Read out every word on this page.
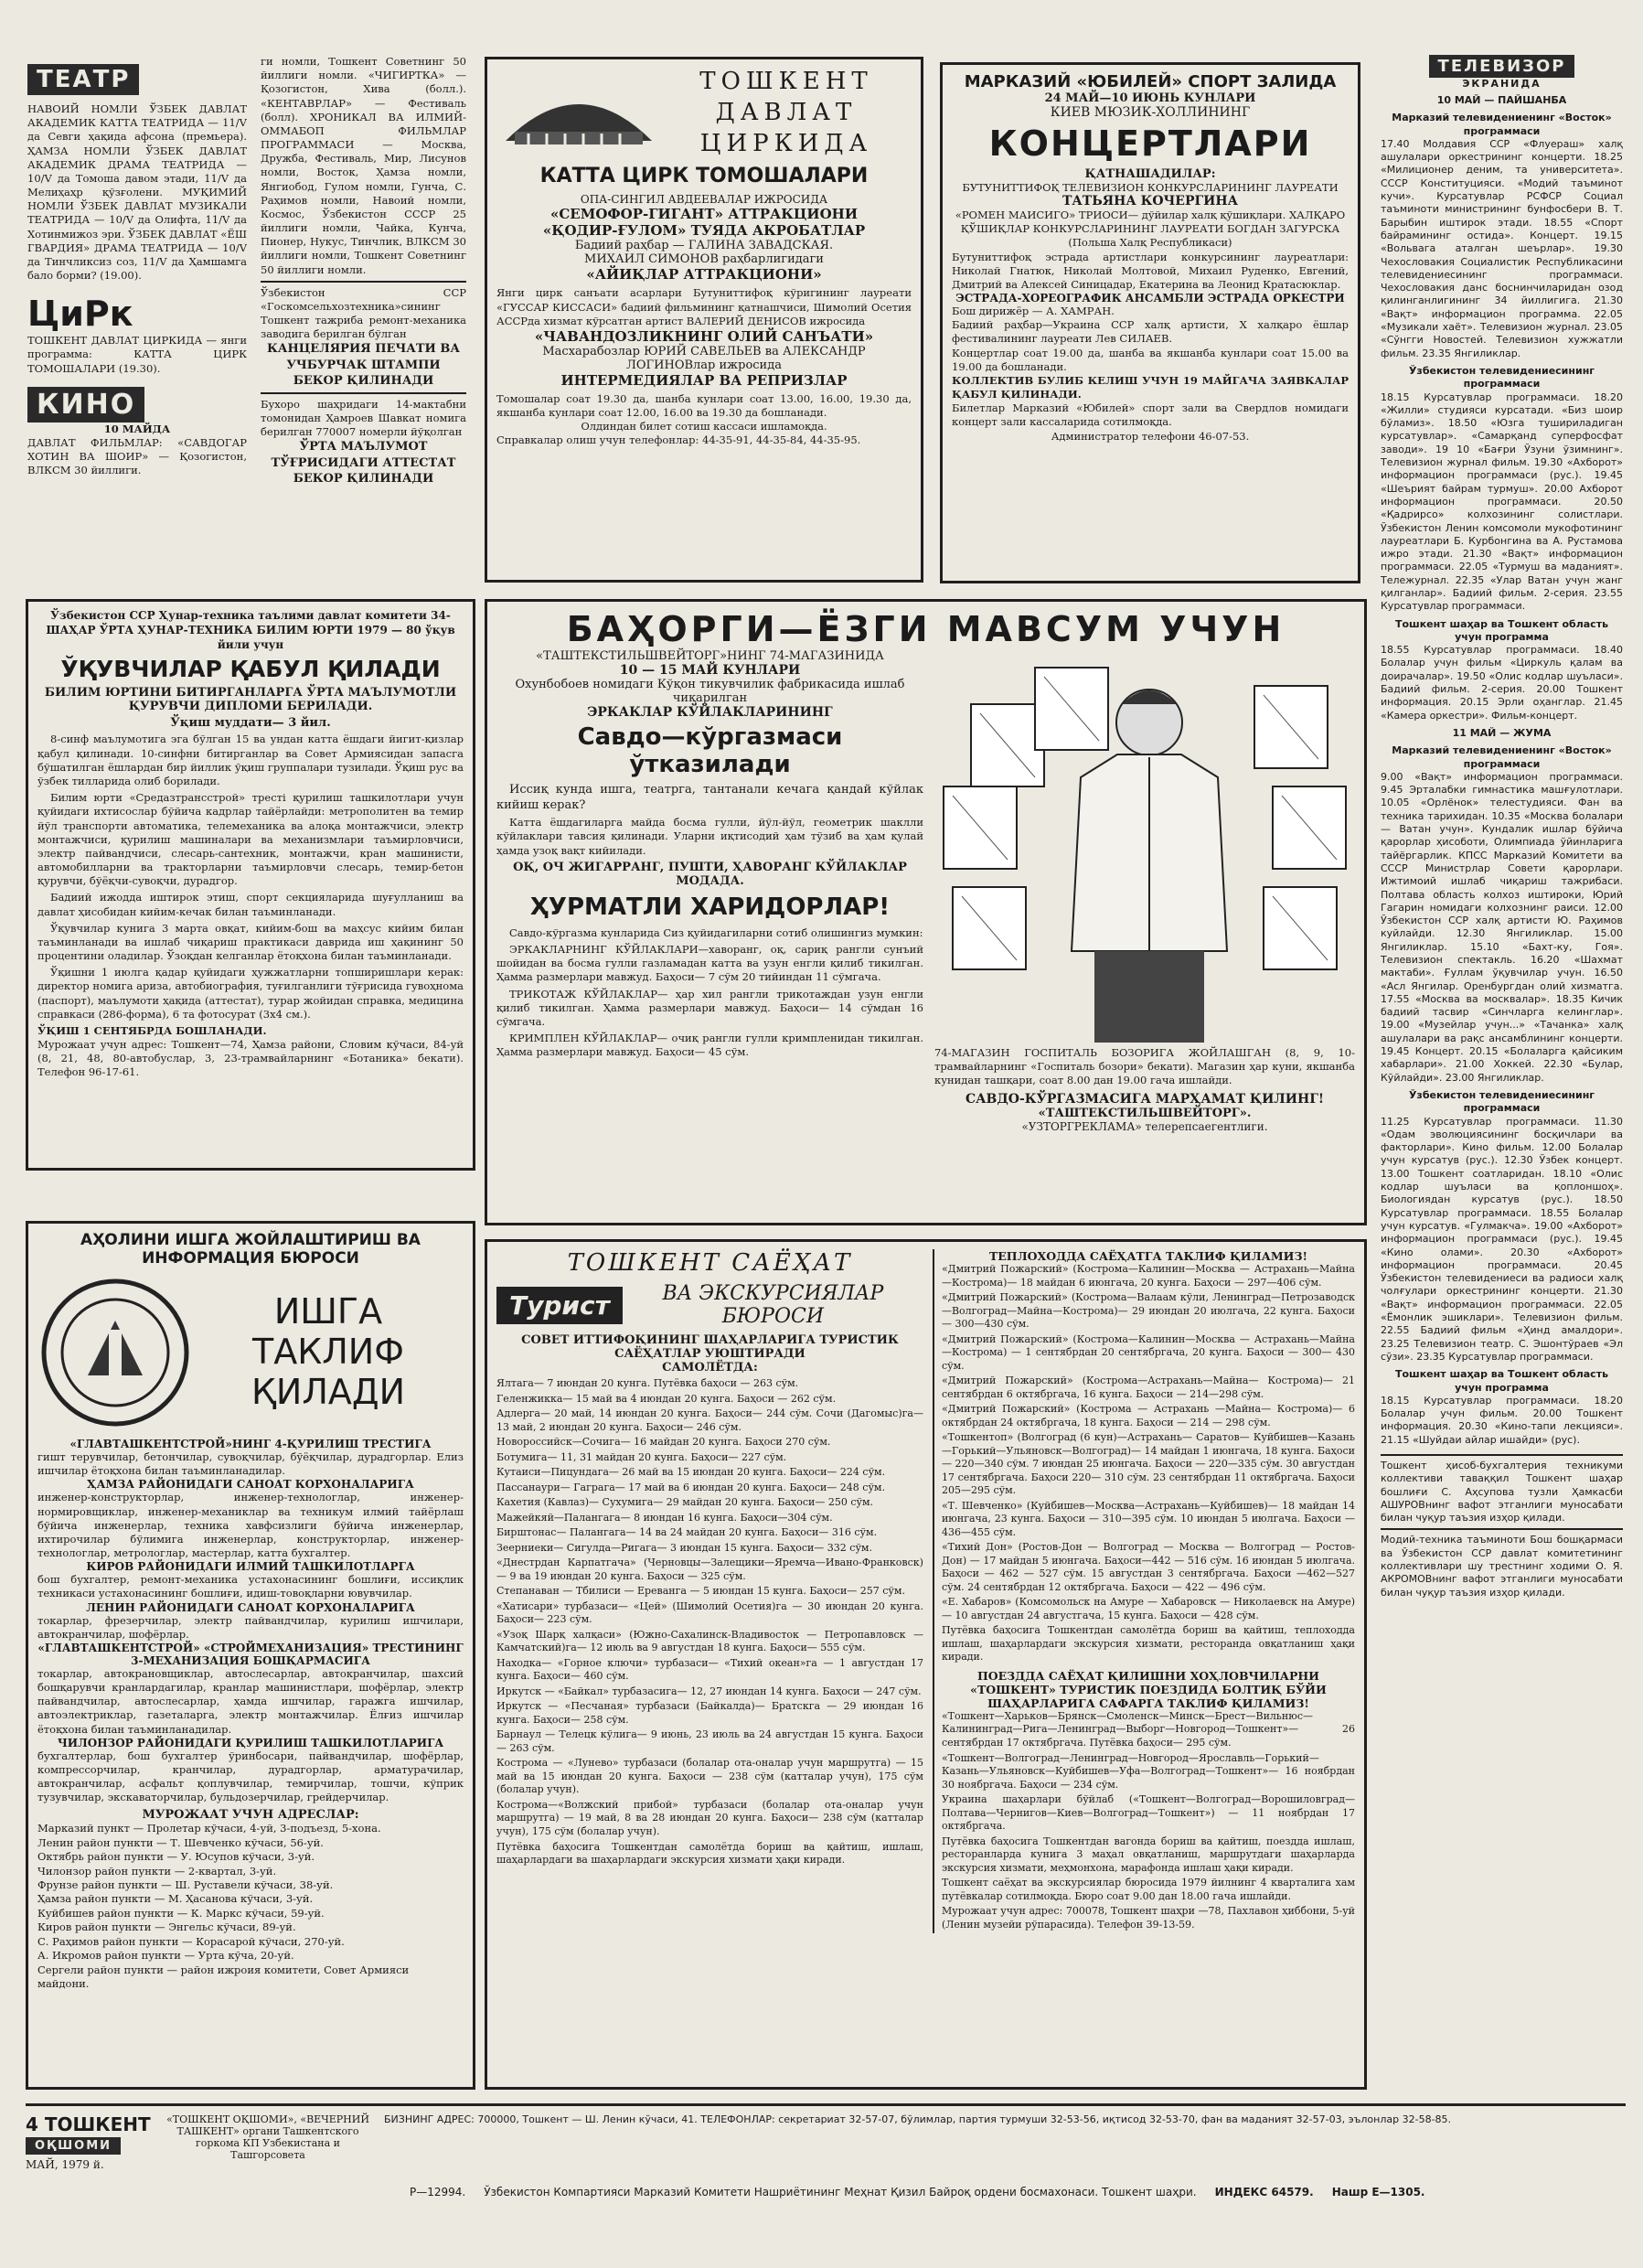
ТЕАТР
НАВОИЙ НОМЛИ ЎЗБЕК ДАВЛАТ АКАДЕМИК КАТТА ТЕАТРИДА — 11/V да Севги ҳақида афсона (премьера). ҲАМЗА НОМЛИ ЎЗБЕК ДАВЛАТ АКАДЕМИК ДРАМА ТЕАТРИДА — 10/V да Томоша давом этади, 11/V да Мелиҳаҳр қўзғолени. МУҚИМИЙ НОМЛИ ЎЗБЕК ДАВЛАТ МУЗИКАЛИ ТЕАТРИДА — 10/V да Олифта, 11/V да Хотинмижоз эри. ЎЗБЕК ДАВЛАТ «ЁШ ГВАРДИЯ» ДРАМА ТЕАТРИДА — 10/V да Тинчликсиз соз, 11/V да Ҳамшамга бало борми? (19.00).
ЦиРк
ТОШКЕНТ ДАВЛАТ ЦИРКИДА — янги программа: КАТТА ЦИРК ТОМОШАЛАРИ (19.30).
КИНО
10 МАЙДА
ДАВЛАТ ФИЛЬМЛАР: «САВДОГАР ХОТИН ВА ШОИР» — Қозогистон, ВЛКСМ 30 йиллиги.
ги номли, Тошкент Советнинг 50 йиллиги номли. «ЧИГИРТКА» — Қозогистон, Хива (болл.). «КЕНТАВРЛАР» — Фестиваль (болл). ХРОНИКАЛ ВА ИЛМИЙ-ОММАБОП ФИЛЬМЛАР ПРОГРАММАСИ — Москва, Дружба, Фестиваль, Мир, Лисунов номли, Восток, Ҳамза номли, Янгиобод, Гулом номли, Гунча, С. Раҳимов номли, Навоий номли, Космос, Ўзбекистон СССР 25 йиллиги номли, Чайка, Кунча, Пионер, Нукус, Тинчлик, ВЛКСМ 30 йиллиги номли, Тошкент Советнинг 50 йиллиги номли.
Ўзбекистон ССР «Госкомсельхозтехника»сининг Тошкент тажриба ремонт-механика заводига берилган бўлган
КАНЦЕЛЯРИЯ ПЕЧАТИ ВА УЧБУРЧАК ШТАМПИ БЕКОР ҚИЛИНАДИ
Бухоро шаҳридаги 14-мактабни томонидан Ҳамроев Шавкат номига берилган 770007 номерли йўқолган
ЎРТА МАЪЛУМОТ ТЎҒРИСИДАГИ АТТЕСТАТ БЕКОР ҚИЛИНАДИ
ТОШКЕНТ ДАВЛАТ ЦИРКИДА
КАТТА ЦИРК ТОМОШАЛАРИ
ОПА-СИНГИЛ АВДЕЕВАЛАР ИЖРОСИДА
«СЕМОФОР-ГИГАНТ» АТТРАКЦИОНИ
«ҚОДИР-ҒУЛОМ» ТУЯДА АКРОБАТЛАР
Бадиий раҳбар — ГАЛИНА ЗАВАДСКАЯ.
МИХАИЛ СИМОНОВ раҳбарлигидаги
«АЙИҚЛАР АТТРАКЦИОНИ»
Янги цирк санъати асарлари Бутуниттифоқ кўригининг лауреати «ГУССАР КИССАСИ» бадиий фильмининг қатнашчиси, Шимолий Осетия АССРда хизмат кўрсатган артист ВАЛЕРИЙ ДЕНИСОВ ижросида
«ЧАВАНДОЗЛИКНИНГ ОЛИЙ САНЪАТИ»
Масхарабозлар ЮРИЙ САВЕЛЬЕВ ва АЛЕКСАНДР ЛОГИНОВлар ижросида
ИНТЕРМЕДИЯЛАР ВА РЕПРИЗЛАР
Томошалар соат 19.30 да, шанба кунлари соат 13.00, 16.00, 19.30 да, якшанба кунлари соат 12.00, 16.00 ва 19.30 да бошланади.
Олдиндан билет сотиш кассаси ишламоқда.
Справкалар олиш учун телефонлар: 44-35-91, 44-35-84, 44-35-95.
МАРКАЗИЙ «ЮБИЛЕЙ» СПОРТ ЗАЛИДА
24 МАЙ—10 ИЮНЬ КУНЛАРИ
КИЕВ МЮЗИК-ХОЛЛИНИНГ
КОНЦЕРТЛАРИ
ҚАТНАШАДИЛАР:
БУТУНИТТИФОҚ ТЕЛЕВИЗИОН КОНКУРСЛАРИНИНГ ЛАУРЕАТИ
ТАТЬЯНА КОЧЕРГИНА
«РОМЕН МАИСИГО» ТРИОСИ— дўйилар халқ қўшиқлари. ХАЛҚАРО ҚЎШИҚЛАР КОНКУРСЛАРИНИНГ ЛАУРЕАТИ БОГДАН ЗАГУРСКА (Польша Халқ Республикаси)
Бутуниттифоқ эстрада артистлари конкурсининг лауреатлари: Николай Гнатюк, Николай Молтовой, Михаил Руденко, Евгений, Дмитрий ва Алексей Синицадар, Екатерина ва Леонид Кратасюклар.
ЭСТРАДА-ХОРЕОГРАФИК АНСАМБЛИ ЭСТРАДА ОРКЕСТРИ
Бош дирижёр — А. ХАМРАН.
Бадиий раҳбар—Украина ССР халқ артисти, Х халқаро ёшлар фестивалининг лауреати Лев СИЛАЕВ.
Концертлар соат 19.00 да, шанба ва якшанба кунлари соат 15.00 ва 19.00 да бошланади.
КОЛЛЕКТИВ БУЛИБ КЕЛИШ УЧУН 19 МАЙГАЧА ЗАЯВКАЛАР ҚАБУЛ ҚИЛИНАДИ.
Билетлар Марказий «Юбилей» спорт зали ва Свердлов номидаги концерт зали кассаларида сотилмоқда.
Администратор телефони 46-07-53.
ТЕЛЕВИЗОР
ЭКРАНИДА
10 МАЙ — ПАЙШАНБА
Марказий телевидениенинг «Восток» программаси
17.40 Молдавия ССР «Флуераш» халқ ашулалари оркестрининг концерти. 18.25 «Милиционер деним, та университета». СССР Конституцияси. «Модий таъминот кучи». Курсатувлар РСФСР Социал таъминоти министрининг бунфосбери В. Т. Барыбин иштирок этади. 18.55 «Спорт байрамининг остида». Концерт. 19.15 «Вольвага аталган шеърлар». 19.30 Чехословакия Социалистик Республикасини телевидениесининг программаси. Чехословакия данс боснинчиларидан озод қилинганлигининг 34 йиллигига. 21.30 «Вақт» информацион программа. 22.05 «Музикали хаёт». Телевизион журнал. 23.05 «Сўнгги Новостей. Телевизион хужжатли фильм. 23.35 Янгиликлар.
Ўзбекистон телевидениесининг программаси
18.15 Курсатувлар программаси. 18.20 «Жилли» студияси курсатади. «Биз шоир бўламиз». 18.50 «Юзга тушириладиган курсатувлар». «Самарқанд суперфосфат заводи». 19 10 «Бағри Ўзуни ўзимнинг». Телевизион журнал фильм. 19.30 «Ахборот» информацион программаси (рус.). 19.45 «Шеърият байрам турмуш». 20.00 Ахборот информацион программаси. 20.50 «Қадрирсо» колхозининг солистлари. Ўзбекистон Ленин комсомоли мукофотининг лауреатлари Б. Курбонгина ва А. Рустамова ижро этади. 21.30 «Вақт» информацион программаси. 22.05 «Турмуш ва маданият». Тележурнал. 22.35 «Улар Ватан учун жанг қилганлар». Бадиий фильм. 2-серия. 23.55 Курсатувлар программаси.
Тошкент шаҳар ва Тошкент область учун программа
18.55 Курсатувлар программаси. 18.40 Болалар учун фильм «Циркуль қалам ва доирачалар». 19.50 «Олис кодлар шуъласи». Бадиий фильм. 2-серия. 20.00 Тошкент информация. 20.15 Эрли оҳанглар. 21.45 «Камера оркестри». Фильм-концерт.
11 МАЙ — ЖУМА
Марказий телевидениенинг «Восток» программаси
9.00 «Вақт» информацион программаси. 9.45 Эрталабки гимнастика машғулотлари. 10.05 «Орлёнок» телестудияси. Фан ва техника тарихидан. 10.35 «Москва болалари — Ватан учун». Кундалик ишлар бўйича қарорлар ҳисоботи, Олимпиада ўйинларига тайёргарлик. КПСС Марказий Комитети ва СССР Министрлар Совети қарорлари. Ижтимоий ишлаб чиқариш тажрибаси. Полтава область колхоз иштироки, Юрий Гагарин номидаги колхознинг раиси. 12.00 Ўзбекистон ССР халқ артисти Ю. Раҳимов куйлайди. 12.30 Янгиликлар. 15.00 Янгиликлар. 15.10 «Бахт-ку, Гоя». Телевизион спектакль. 16.20 «Шахмат мактаби». Ғуллам ўқувчилар учун. 16.50 «Асл Янгилар. Оренбургдан олий хизматга. 17.55 «Москва ва москвалар». 18.35 Кичик бадиий тасвир «Синчларга келинглар». 19.00 «Музейлар учун...» «Тачанка» халқ ашулалари ва рақс ансамблининг концерти. 19.45 Концерт. 20.15 «Болаларга қайсиким хабарлари». 21.00 Хоккей. 22.30 «Булар, Кўйлайди». 23.00 Янгиликлар.
Ўзбекистон телевидениесининг программаси
11.25 Курсатувлар программаси. 11.30 «Одам эволюциясининг босқичлари ва факторлари». Кино фильм. 12.00 Болалар учун курсатув (рус.). 12.30 Ўзбек концерт. 13.00 Тошкент соатларидан. 18.10 «Олис кодлар шуъласи ва қоплоншоҳ». Биологиядан курсатув (рус.). 18.50 Курсатувлар программаси. 18.55 Болалар учун курсатув. «Гулмакча». 19.00 «Ахборот» информацион программаси (рус.). 19.45 «Кино олами». 20.30 «Ахборот» информацион программаси. 20.45 Ўзбекистон телевидениеси ва радиоси халқ чолғулари оркестрининг концерти. 21.30 «Вақт» информацион программаси. 22.05 «Ёмонлик эшиклари». Телевизион фильм. 22.55 Бадиий фильм «Ҳинд амалдори». 23.25 Телевизион театр. С. Эшонтўраев «Эл сўзи». 23.35 Курсатувлар программаси.
Тошкент шаҳар ва Тошкент область учун программа
18.15 Курсатувлар программаси. 18.20 Болалар учун фильм. 20.00 Тошкент информация. 20.30 «Кино-тапи лекцияси». 21.15 «Шуйдаи айлар ишайди» (рус).
Тошкент ҳисоб-бухгалтерия техникуми коллективи таваққил Тошкент шаҳар бошлиғи С. Аҳсупова тузли Ҳамкасби АШУРОВнинг вафот этганлиги муносабати билан чуқур таъзия изҳор қилади.
Модий-техника таъминоти Бош бошқармаси ва Ўзбекистон ССР давлат комитетининг коллективлари шу трестнинг ходими О. Я. АКРОМОВнинг вафот этганлиги муносабати билан чуқур таъзия изҳор қилади.
Ўзбекистон ССР Ҳунар-техника таълими давлат комитети 34-ШАҲАР ЎРТА ҲУНАР-ТЕХНИКА БИЛИМ ЮРТИ 1979 — 80 ўқув йили учун
ЎҚУВЧИЛАР ҚАБУЛ ҚИЛАДИ
БИЛИМ ЮРТИНИ БИТИРГАНЛАРГА ЎРТА МАЪЛУМОТЛИ ҚУРУВЧИ ДИПЛОМИ БЕРИЛАДИ.
Ўқиш муддати— 3 йил.

8-синф маълумотига эга бўлган 15 ва ундан катта ёшдаги йигит-қизлар қабул қилинади. 10-синфни битирганлар ва Совет Армиясидан запасга бўшатилган ёшлардан бир йиллик ўқиш группалари тузилади. Ўқиш рус ва ўзбек тилларида олиб борилади.

Билим юрти «Средазтрансстрой» тресті қурилиш ташкилотлари учун қуйидаги ихтисослар бўйича кадрлар тайёрлайди: метрополитен ва темир йўл транспорти автоматика, телемеханика ва алоқа монтажчиси, электр монтажчиси, қурилиш машиналари ва механизмлари таъмирловчиси, электр пайвандчиси, слесарь-сантехник, монтажчи, кран машинисти, автомобилларни ва тракторларни таъмирловчи слесарь, темир-бетон қурувчи, бўёқчи-сувоқчи, дурадгор.

Бадиий ижодда иштирок этиш, спорт секцияларида шуғулланиш ва давлат ҳисобидан кийим-кечак билан таъминланади.

Ўқувчилар кунига 3 марта овқат, кийим-бош ва маҳсус кийим билан таъминланади ва ишлаб чиқариш практикаси даврида иш ҳақининг 50 процентини оладилар. Ўзоқдан келганлар ётоқхона билан таъминланади.

Ўқишни 1 июлга қадар қуйидаги ҳужжатларни топширишлари керак: директор номига ариза, автобиография, туғилганлиги тўғрисида гувоҳнома (паспорт), маълумоти ҳақида (аттестат), турар жойидан справка, медицина справкаси (286-форма), 6 та фотосурат (3х4 см.).

ЎҚИШ 1 СЕНТЯБРДА БОШЛАНАДИ.
Мурожаат учун адрес: Тошкент—74, Ҳамза райони, Словим кўчаси, 84-уй (8, 21, 48, 80-автобуслар, 3, 23-трамвайларнинг «Ботаника» бекати). Телефон 96-17-61.
БАҲОРГИ—ЁЗГИ МАВСУМ УЧУН
«ТАШТЕКСТИЛЬШВЕЙТОРГ»НИНГ 74-МАГАЗИНИДА
10 — 15 МАЙ КУНЛАРИ
Охунбобоев номидаги Кўқон тикувчилик фабрикасида ишлаб чиқарилган
ЭРКАКЛАР КЎЙЛАКЛАРИНИНГ
Савдо—кўргазмаси ўтказилади

Иссиқ кунда ишга, театрга, тантанали кечага қандай кўйлак кийиш керак?

Катта ёшдагиларга майда босма гулли, йўл-йўл, геометрик шаклли кўйлаклари тавсия қилинади. Уларни иқтисодий ҳам тўзиб ва ҳам қулай ҳамда узоқ вақт кийилади.

ОҚ, ОЧ ЖИГАРРАНГ, ПУШТИ, ҲАВОРАНГ КЎЙЛАКЛАР МОДАДА.
ҲУРМАТЛИ ХАРИДОРЛАР!

Савдо-кўргазма кунларида Сиз қуйидагиларни сотиб олишингиз мумкин:

ЭРКАКЛАРНИНГ КЎЙЛАКЛАРИ—хаворанг, оқ, сариқ рангли сунъий шойидан ва босма гулли газламадан катта ва узун енгли қилиб тикилган. Ҳамма размерлари мавжуд. Баҳоси— 7 сўм 20 тийиндан 11 сўмгача.

ТРИКОТАЖ КЎЙЛАКЛАР— ҳар хил рангли трикотаждан узун енгли қилиб тикилган. Ҳамма размерлари мавжуд. Баҳоси— 14 сўмдан 16 сўмгача.

КРИМПЛЕН КЎЙЛАКЛАР— очиқ рангли гулли кримпленидан тикилган. Ҳамма размерлари мавжуд. Баҳоси— 45 сўм.	74-МАГАЗИН ГОСПИТАЛЬ БОЗОРИГА ЖОЙЛАШГАН (8, 9, 10-трамвайларнинг «Госпиталь бозори» бекати). Магазин ҳар куни, якшанба кунидан ташқари, соат 8.00 дан 19.00 гача ишлайди.
САВДО-КЎРГАЗМАСИГА МАРҲАМАТ ҚИЛИНГ!
«ТАШТЕКСТИЛЬШВЕЙТОРГ».
«УЗТОРГРЕКЛАМА» телерепсаегентлиги.
АҲОЛИНИ ИШГА ЖОЙЛАШТИРИШ ВА ИНФОРМАЦИЯ БЮРОСИ
ИШГА
ТАКЛИФ
ҚИЛАДИ
«ГЛАВТАШКЕНТСТРОЙ»НИНГ 4-ҚУРИЛИШ ТРЕСТИГА
гишт терувчилар, бетончилар, сувоқчилар, бўёқчилар, дурадгорлар. Елиз ишчилар ётоқхона билан таъминланадилар.
ҲАМЗА РАЙОНИДАГИ САНОАТ КОРХОНАЛАРИГА
инженер-конструкторлар, инженер-технологлар, инженер-нормировщиклар, инженер-механиклар ва техникум илмий тайёрлаш бўйича инженерлар, техника хавфсизлиги бўйича инженерлар, ихтирочилар бўлимига инженерлар, конструкторлар, инженер-технологлар, метрологлар, мастерлар, катта бухгалтер.
КИРОВ РАЙОНИДАГИ ИЛМИЙ ТАШКИЛОТЛАРГА
бош бухгалтер, ремонт-механика устахонасининг бошлиғи, иссиқлик техникаси устахонасининг бошлиғи, идиш-товоқларни ювувчилар.
ЛЕНИН РАЙОНИДАГИ САНОАТ КОРХОНАЛАРИГА
токарлар, фрезерчилар, электр пайвандчилар, курилиш ишчилари, автокранчилар, шофёрлар.
«ГЛАВТАШКЕНТСТРОЙ» «СТРОЙМЕХАНИЗАЦИЯ» ТРЕСТИНИНГ 3-МЕХАНИЗАЦИЯ БОШҚАРМАСИГА
токарлар, автокрановщиклар, автослесарлар, автокранчилар, шахсий бошқарувчи кранлардагилар, кранлар машинистлари, шофёрлар, электр пайвандчилар, автослесарлар, ҳамда ишчилар, гаражга ишчилар, автоэлектриклар, газеталарга, электр монтажчилар. Ёлғиз ишчилар ётоқхона билан таъминланадилар.
ЧИЛОНЗОР РАЙОНИДАГИ ҚУРИЛИШ ТАШКИЛОТЛАРИГА
бухгалтерлар, бош бухгалтер ўринбосари, пайвандчилар, шофёрлар, компрессорчилар, кранчилар, дурадгорлар, арматурачилар, автокранчилар, асфальт қоплувчилар, темирчилар, тошчи, кўприк тузувчилар, экскаваторчилар, бульдозерчилар, грейдерчилар.
МУРОЖААТ УЧУН АДРЕСЛАР:
Марказий пункт — Пролетар кўчаси, 4-уй, 3-подъезд, 5-хона.
Ленин район пункти — Т. Шевченко кўчаси, 56-уй.
Октябрь район пункти — У. Юсупов кўчаси, 3-уй.
Чилонзор район пункти — 2-квартал, 3-уй.
Фрунзе район пункти — Ш. Руставели кўчаси, 38-уй.
Ҳамза район пункти — М. Ҳасанова кўчаси, 3-уй.
Куйбишев район пункти — К. Маркс кўчаси, 59-уй.
Киров район пункти — Энгельс кўчаси, 89-уй.
С. Раҳимов район пункти — Корасарой кўчаси, 270-уй.
А. Икромов район пункти — Урта кўча, 20-уй.
Сергели район пункти — район ижроия комитети, Совет Армияси майдони.
ТОШКЕНТ САЁҲАТ
Турист	ВА ЭКСКУРСИЯЛАР БЮРОСИ
СОВЕТ ИТТИФОҚИНИНГ ШАҲАРЛАРИГА ТУРИСТИК САЁҲАТЛАР УЮШТИРАДИ
САМОЛЁТДА:
Ялтага— 7 июндан 20 кунга. Путёвка баҳоси — 263 сўм.
Геленжикка— 15 май ва 4 июндан 20 кунга. Баҳоси — 262 сўм.
Адлерга— 20 май, 14 июндан 20 кунга. Баҳоси— 244 сўм. Сочи (Дагомыс)га— 13 май, 2 июндан 20 кунга. Баҳоси— 246 сўм.
Новороссийск—Сочига— 16 майдан 20 кунга. Баҳоси 270 сўм.
Ботумига— 11, 31 майдан 20 кунга. Баҳоси— 227 сўм.
Кутаиси—Пицундага— 26 май ва 15 июндан 20 кунга. Баҳоси— 224 сўм.
Пассанаури— Гаграга— 17 май ва 6 июндан 20 кунга. Баҳоси— 248 сўм.
Кахетия (Кавлаз)— Сухумига— 29 майдан 20 кунга. Баҳоси— 250 сўм.
Мажейкяй—Палангага— 8 июндан 16 кунга. Баҳоси—304 сўм.
Бирштонас— Палангага— 14 ва 24 майдан 20 кунга. Баҳоси— 316 сўм.
Зеерниеки— Сигулда—Ригага— 3 июндан 15 кунга. Баҳоси— 332 сўм.
«Днестрдан Карпатгача» (Черновцы—Залещики—Яремча—Ивано-Франковск)— 9 ва 19 июндан 20 кунга. Баҳоси — 325 сўм.
Степанаван — Тбилиси — Ереванга — 5 июндан 15 кунга. Баҳоси— 257 сўм.
«Хатисари» турбазаси— «Цей» (Шимолий Осетия)га — 30 июндан 20 кунга. Баҳоси— 223 сўм.
«Узоқ Шарқ халқаси» (Южно-Сахалинск-Владивосток — Петропавловск — Камчатский)га— 12 июль ва 9 августдан 18 кунга. Баҳоси— 555 сўм.
Находка— «Горное ключи» турбазаси— «Тихий океан»га — 1 августдан 17 кунга. Баҳоси— 460 сўм.
Иркутск — «Байкал» турбазасига— 12, 27 июндан 14 кунга. Баҳоси — 247 сўм.
Иркутск — «Песчаная» турбазаси (Байкалда)— Братскга — 29 июндан 16 кунга. Баҳоси— 258 сўм.
Барнаул — Телецк кўлига— 9 июнь, 23 июль ва 24 августдан 15 кунга. Баҳоси— 263 сўм.
Кострома — «Лунево» турбазаси (болалар ота-оналар учун маршрутга) — 15 май ва 15 июндан 20 кунга. Баҳоси — 238 сўм (катталар учун), 175 сўм (болалар учун).
Кострома—«Волжский прибой» турбазаси (болалар ота-оналар учун маршрутга) — 19 май, 8 ва 28 июндан 20 кунга. Баҳоси— 238 сўм (катталар учун), 175 сўм (болалар учун).
Путёвка баҳосига Тошкентдан самолётда бориш ва қайтиш, ишлаш, шаҳарлардаги ва шаҳарлардаги экскурсия хизмати ҳақи киради.
ТЕПЛОХОДДА САЁҲАТГА ТАКЛИФ ҚИЛАМИЗ!
«Дмитрий Пожарский» (Кострома—Калинин—Москва — Астрахань—Майна—Кострома)— 18 майдан 6 июнгача, 20 кунга. Баҳоси — 297—406 сўм.
«Дмитрий Пожарский» (Кострома—Валаам кўли, Ленинград—Петрозаводск—Волгоград—Майна—Кострома)— 29 июндан 20 июлгача, 22 кунга. Баҳоси — 300—430 сўм.
«Дмитрий Пожарский» (Кострома—Калинин—Москва — Астрахань—Майна—Кострома) — 1 сентябрдан 20 сентябргача, 20 кунга. Баҳоси — 300— 430 сўм.
«Дмитрий Пожарский» (Кострома—Астрахань—Майна— Кострома)— 21 сентябрдан 6 октябргача, 16 кунга. Баҳоси — 214—298 сўм.
«Дмитрий Пожарский» (Кострома — Астрахань —Майна— Кострома)— 6 октябрдан 24 октябргача, 18 кунга. Баҳоси — 214 — 298 сўм.
«Тошкентоп» (Волгоград (6 кун)—Астрахань— Саратов— Куйбишев—Казань—Горький—Ульяновск—Волгоград)— 14 майдан 1 июнгача, 18 кунга. Баҳоси — 220—340 сўм. 7 июндан 25 июнгача. Баҳоси — 220—335 сўм. 30 августдан 17 сентябргача. Баҳоси 220— 310 сўм. 23 сентябрдан 11 октябргача. Баҳоси 205—295 сўм.
«Т. Шевченко» (Куйбишев—Москва—Астрахань—Куйбишев)— 18 майдан 14 июнгача, 23 кунга. Баҳоси — 310—395 сўм. 10 июндан 5 июлгача. Баҳоси — 436—455 сўм.
«Тихий Дон» (Ростов-Дон — Волгоград — Москва — Волгоград — Ростов-Дон) — 17 майдан 5 июнгача. Баҳоси—442 — 516 сўм. 16 июндан 5 июлгача. Баҳоси — 462 — 527 сўм. 15 августдан 3 сентябргача. Баҳоси —462—527 сўм. 24 сентябрдан 12 октябргача. Баҳоси — 422 — 496 сўм.
«Е. Хабаров» (Комсомольск на Амуре — Хабаровск — Николаевск на Амуре) — 10 августдан 24 августгача, 15 кунга. Баҳоси — 428 сўм.
Путёвка баҳосига Тошкентдан самолётда бориш ва қайтиш, теплоходда ишлаш, шаҳарлардаги экскурсия хизмати, ресторанда овқатланиш ҳақи киради.
ПОЕЗДДА САЁҲАТ ҚИЛИШНИ ХОҲЛОВЧИЛАРНИ
«ТОШКЕНТ» ТУРИСТИК ПОЕЗДИДА БОЛТИҚ БЎЙИ ШАҲАРЛАРИГА САФАРГА ТАКЛИФ ҚИЛАМИЗ!
«Тошкент—Харьков—Брянск—Смоленск—Минск—Брест—Вильнюс—Калининград—Рига—Ленинград—Выборг—Новгород—Тошкент»— 26 сентябрдан 17 октябргача. Путёвка баҳоси— 295 сўм.
«Тошкент—Волгоград—Ленинград—Новгород—Ярославль—Горький—Казань—Ульяновск—Куйбишев—Уфа—Волгоград—Тошкент»— 16 ноябрдан 30 ноябргача. Баҳоси — 234 сўм.
Украина шаҳарлари бўйлаб («Тошкент—Волгоград—Ворошиловград—Полтава—Чернигов—Киев—Волгоград—Тошкент») — 11 ноябрдан 17 октябргача.
Путёвка баҳосига Тошкентдан вагонда бориш ва қайтиш, поездда ишлаш, ресторанларда кунига 3 маҳал овқатланиш, маршрутдаги шаҳарларда экскурсия хизмати, меҳмонхона, марафонда ишлаш ҳақи киради.
Тошкент саёҳат ва экскурсиялар бюросида 1979 йилнинг 4 кварталига хам путёвкалар сотилмоқда. Бюро соат 9.00 дан 18.00 гача ишлайди.
Мурожаат учун адрес: 700078, Тошкент шаҳри —78, Пахлавон ҳиббони, 5-уй (Ленин музейи рўпарасида). Телефон 39-13-59.
4 ТОШКЕНТ
ОҚШОМИ
МАЙ, 1979 й.
«ТОШКЕНТ ОҚШОМИ», «ВЕЧЕРНИЙ ТАШКЕНТ» органи Ташкентского горкома КП Узбекистана и Ташгорсовета
БИЗНИНГ АДРЕС: 700000, Тошкент — Ш. Ленин кўчаси, 41. ТЕЛЕФОНЛАР: секретариат 32-57-07, бўлимлар, партия турмуши 32-53-56, иқтисод 32-53-70, фан ва маданият 32-57-03, эълонлар 32-58-85.
Р—12994. Ўзбекистон Компартияси Марказий Комитети Нашриётининг Меҳнат Қизил Байроқ ордени босмахонаси. Тошкент шаҳри. ИНДЕКС 64579. Нашр Е—1305.
